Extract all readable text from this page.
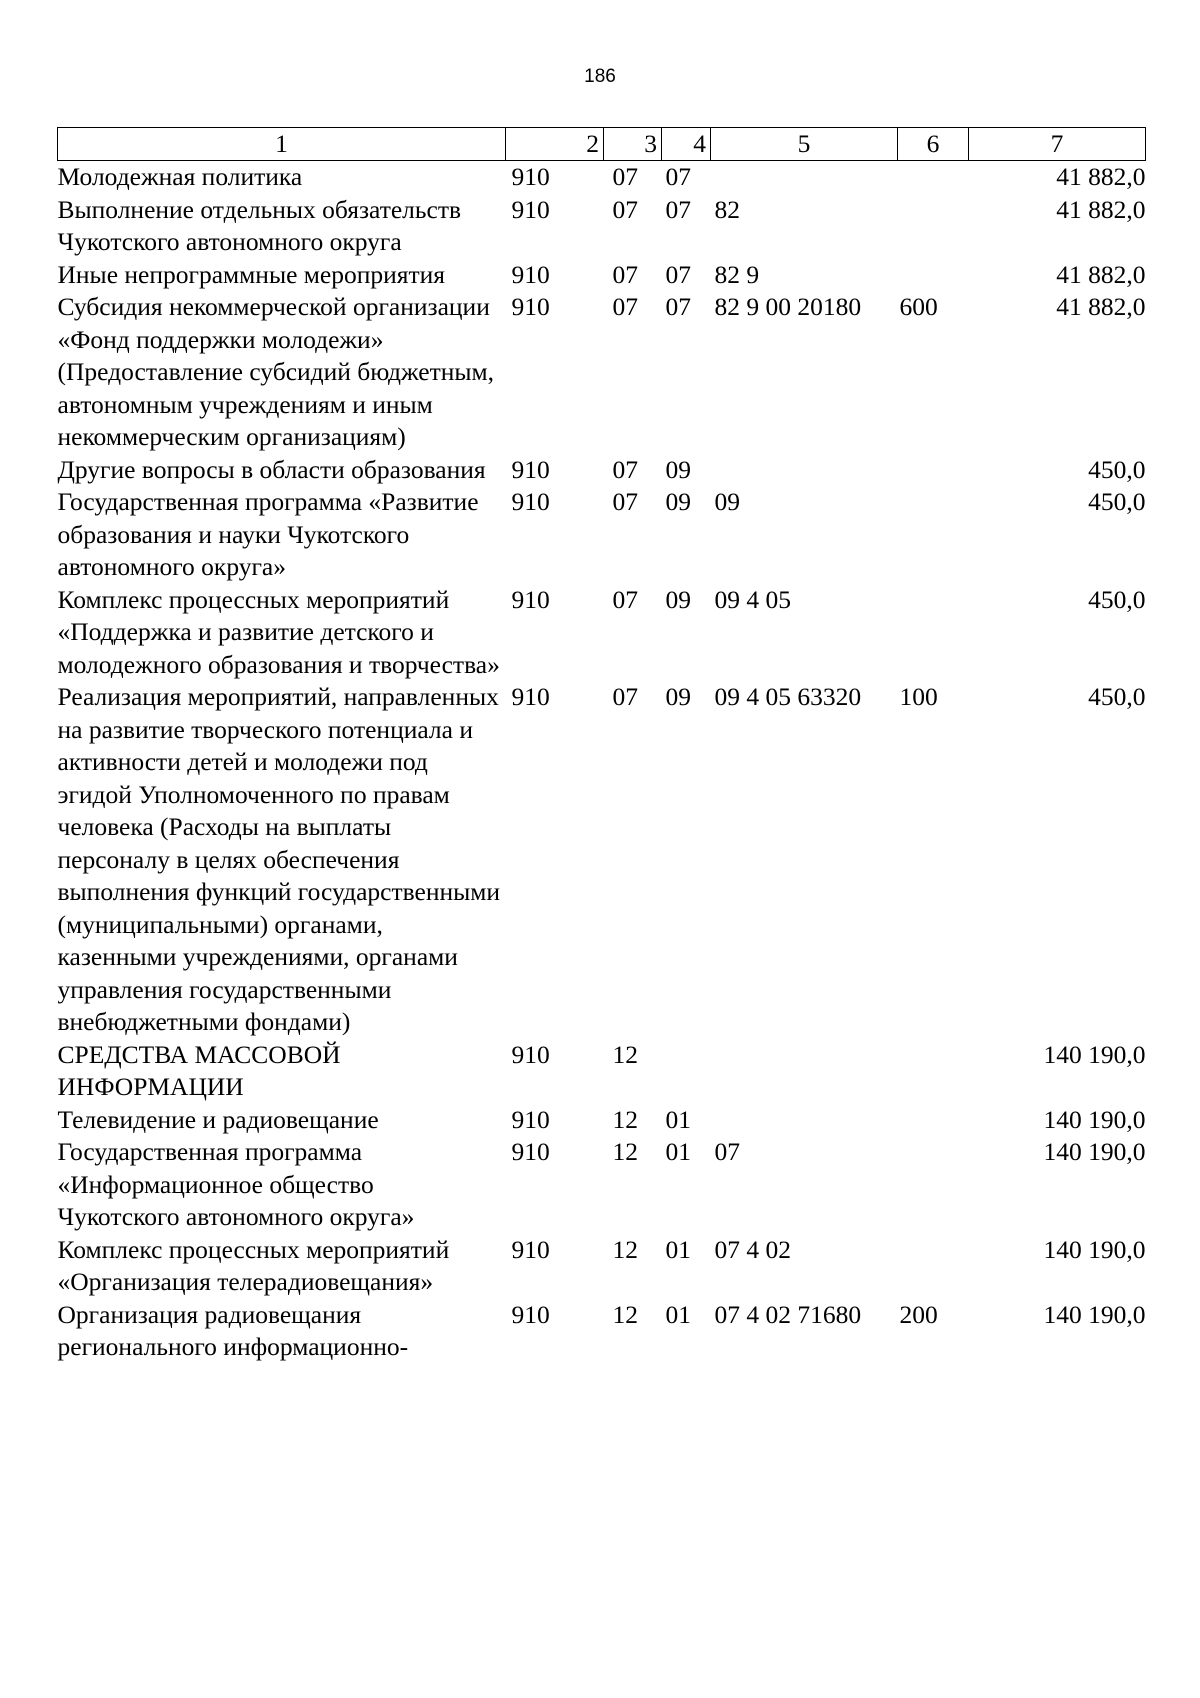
186
1	2	3	4	5	6	7
Молодежная политика	910	07	07			41 882,0
Выполнение отдельных обязательств Чукотского автономного округа	910	07	07	82		41 882,0
Иные непрограммные мероприятия	910	07	07	82 9		41 882,0
Субсидия некоммерческой организации «Фонд поддержки молодежи» (Предоставление субсидий бюджетным, автономным учреждениям и иным некоммерческим организациям)	910	07	07	82 9 00 20180	600	41 882,0
Другие вопросы в области образования	910	07	09			450,0
Государственная программа «Развитие образования и науки Чукотского автономного округа»	910	07	09	09		450,0
Комплекс процессных мероприятий «Поддержка и развитие детского и молодежного образования и творчества»	910	07	09	09 4 05		450,0
Реализация мероприятий, направленных на развитие творческого потенциала и активности детей и молодежи под эгидой Уполномоченного по правам человека (Расходы на выплаты персоналу в целях обеспечения выполнения функций государственными (муниципальными) органами, казенными учреждениями, органами управления государственными внебюджетными фондами)	910	07	09	09 4 05 63320	100	450,0
СРЕДСТВА МАССОВОЙ ИНФОРМАЦИИ	910	12				140 190,0
Телевидение и радиовещание	910	12	01			140 190,0
Государственная программа «Информационное общество Чукотского автономного округа»	910	12	01	07		140 190,0
Комплекс процессных мероприятий «Организация телерадиовещания»	910	12	01	07 4 02		140 190,0
Организация радиовещания регионального информационно-	910	12	01	07 4 02 71680	200	140 190,0
